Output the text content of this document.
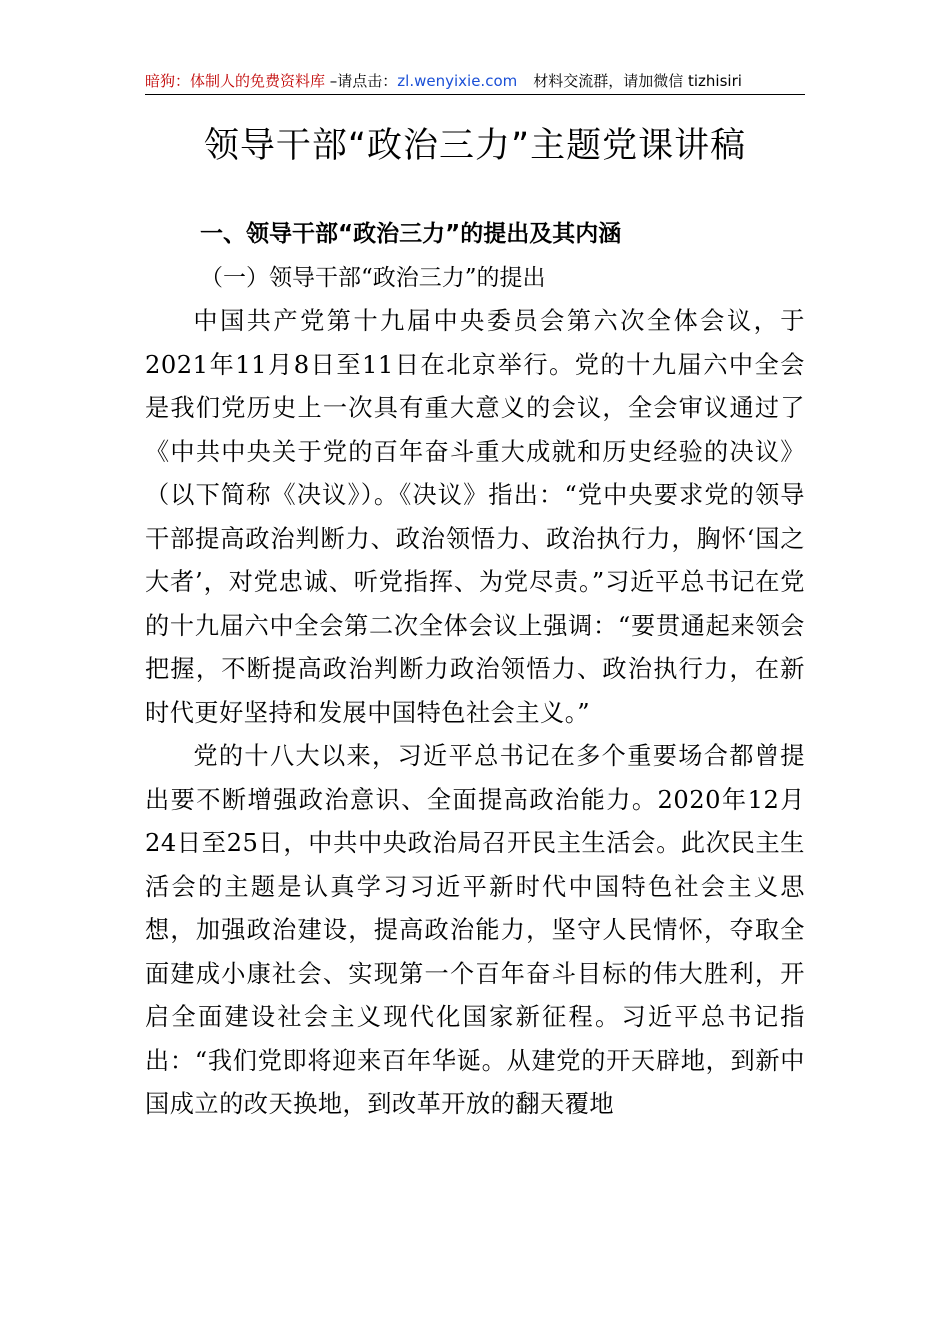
暗狗：体制人的免费资料库 –请点击：zl.wenyixie.com 材料交流群，请加微信 tizhisiri
领导干部“政治三力”主题党课讲稿
一、领导干部“政治三力”的提出及其内涵
（一）领导干部“政治三力”的提出

中国共产党第十九届中央委员会第六次全体会议，于2021年11月8日至11日在北京举行。党的十九届六中全会是我们党历史上一次具有重大意义的会议，全会审议通过了《中共中央关于党的百年奋斗重大成就和历史经验的决议》（以下简称《决议》）。《决议》指出：“党中央要求党的领导干部提高政治判断力、政治领悟力、政治执行力，胸怀‘国之大者’，对党忠诚、听党指挥、为党尽责。”习近平总书记在党的十九届六中全会第二次全体会议上强调：“要贯通起来领会把握，不断提高政治判断力政治领悟力、政治执行力，在新时代更好坚持和发展中国特色社会主义。”

党的十八大以来，习近平总书记在多个重要场合都曾提出要不断增强政治意识、全面提高政治能力。2020年12月24日至25日，中共中央政治局召开民主生活会。此次民主生活会的主题是认真学习习近平新时代中国特色社会主义思想，加强政治建设，提高政治能力，坚守人民情怀，夺取全面建成小康社会、实现第一个百年奋斗目标的伟大胜利，开启全面建设社会主义现代化国家新征程。习近平总书记指出：“我们党即将迎来百年华诞。从建党的开天辟地，到新中国成立的改天换地，到改革开放的翻天覆地
